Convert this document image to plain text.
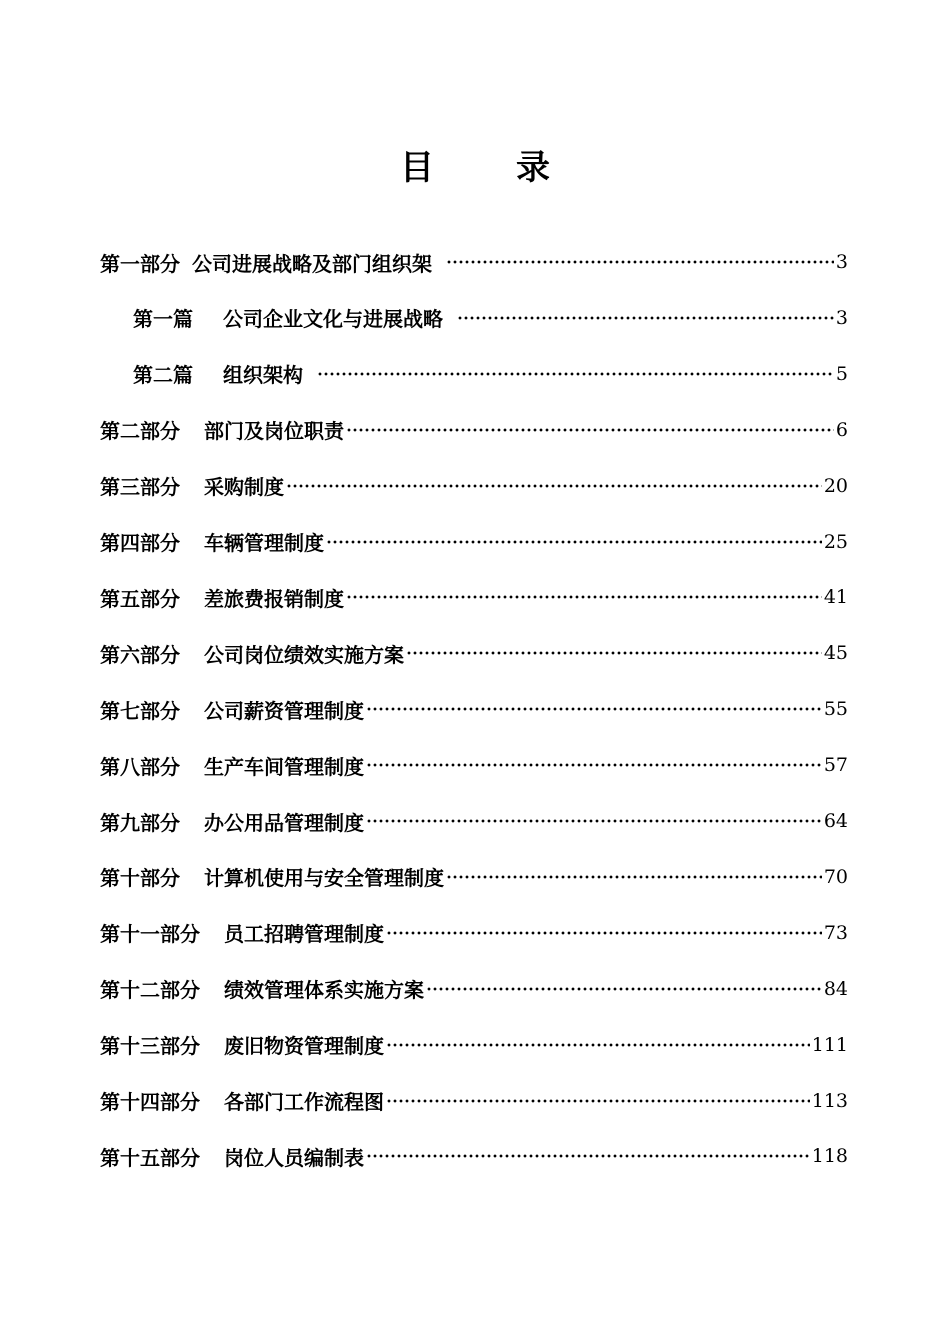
目 录
第一部分 公司进展战略及部门组织架	3
第一篇 公司企业文化与进展战略	3
第二篇 组织架构	5
第二部分 部门及岗位职责	6
第三部分 采购制度	20
第四部分 车辆管理制度	25
第五部分 差旅费报销制度	41
第六部分 公司岗位绩效实施方案	45
第七部分 公司薪资管理制度	55
第八部分 生产车间管理制度	57
第九部分 办公用品管理制度	64
第十部分 计算机使用与安全管理制度	70
第十一部分 员工招聘管理制度	73
第十二部分 绩效管理体系实施方案	84
第十三部分 废旧物资管理制度	111
第十四部分 各部门工作流程图	113
第十五部分 岗位人员编制表	118
